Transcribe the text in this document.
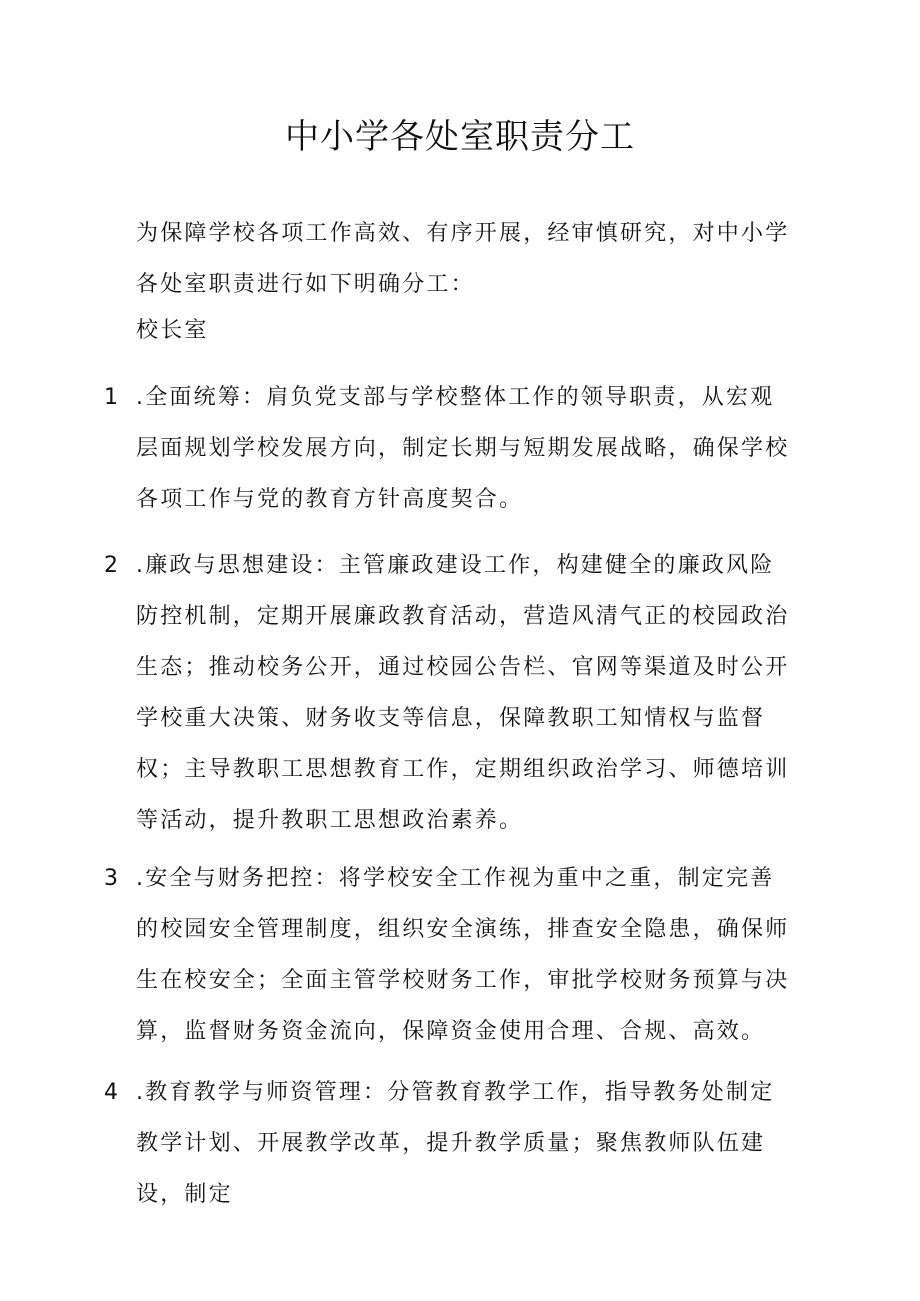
中小学各处室职责分工

为保障学校各项工作高效、有序开展，经审慎研究，对中小学各处室职责进行如下明确分工：

校长室

1 .全面统筹：肩负党支部与学校整体工作的领导职责，从宏观层面规划学校发展方向，制定长期与短期发展战略，确保学校各项工作与党的教育方针高度契合。

2 .廉政与思想建设：主管廉政建设工作，构建健全的廉政风险防控机制，定期开展廉政教育活动，营造风清气正的校园政治生态；推动校务公开，通过校园公告栏、官网等渠道及时公开学校重大决策、财务收支等信息，保障教职工知情权与监督权；主导教职工思想教育工作，定期组织政治学习、师德培训等活动，提升教职工思想政治素养。

3 .安全与财务把控：将学校安全工作视为重中之重，制定完善的校园安全管理制度，组织安全演练，排查安全隐患，确保师生在校安全；全面主管学校财务工作，审批学校财务预算与决算，监督财务资金流向，保障资金使用合理、合规、高效。

4 .教育教学与师资管理：分管教育教学工作，指导教务处制定教学计划、开展教学改革，提升教学质量；聚焦教师队伍建设，制定
